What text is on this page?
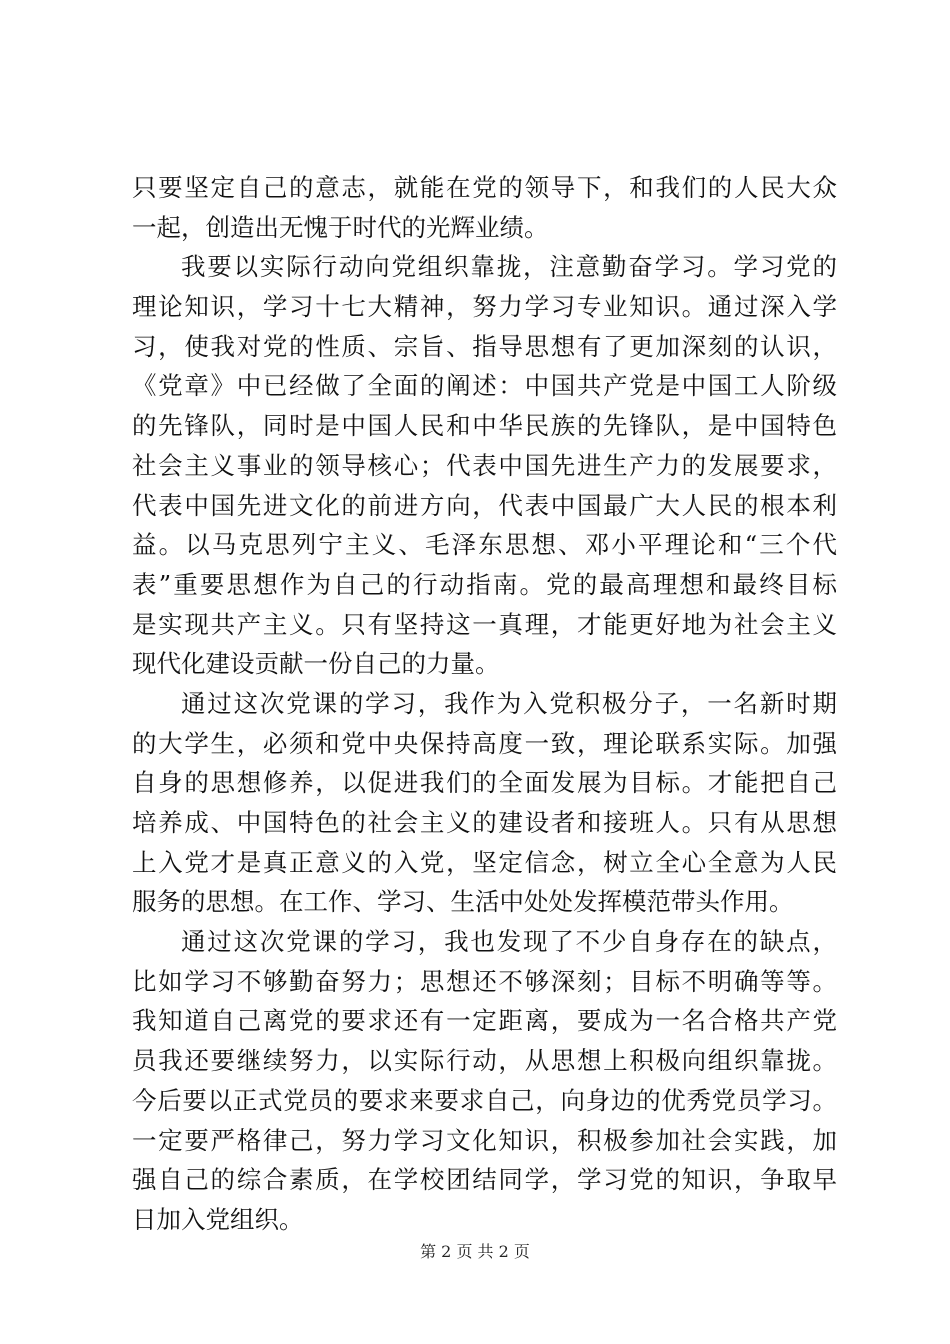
只要坚定自己的意志，就能在党的领导下，和我们的人民大众
一起，创造出无愧于时代的光辉业绩。
我要以实际行动向党组织靠拢，注意勤奋学习。学习党的
理论知识，学习十七大精神，努力学习专业知识。通过深入学
习，使我对党的性质、宗旨、指导思想有了更加深刻的认识，
《党章》中已经做了全面的阐述：中国共产党是中国工人阶级
的先锋队，同时是中国人民和中华民族的先锋队，是中国特色
社会主义事业的领导核心；代表中国先进生产力的发展要求，
代表中国先进文化的前进方向，代表中国最广大人民的根本利
益。以马克思列宁主义、毛泽东思想、邓小平理论和“三个代
表”重要思想作为自己的行动指南。党的最高理想和最终目标
是实现共产主义。只有坚持这一真理，才能更好地为社会主义
现代化建设贡献一份自己的力量。
通过这次党课的学习，我作为入党积极分子，一名新时期
的大学生，必须和党中央保持高度一致，理论联系实际。加强
自身的思想修养，以促进我们的全面发展为目标。才能把自己
培养成、中国特色的社会主义的建设者和接班人。只有从思想
上入党才是真正意义的入党，坚定信念，树立全心全意为人民
服务的思想。在工作、学习、生活中处处发挥模范带头作用。
通过这次党课的学习，我也发现了不少自身存在的缺点，
比如学习不够勤奋努力；思想还不够深刻；目标不明确等等。
我知道自己离党的要求还有一定距离，要成为一名合格共产党
员我还要继续努力，以实际行动，从思想上积极向组织靠拢。
今后要以正式党员的要求来要求自己，向身边的优秀党员学习。
一定要严格律己，努力学习文化知识，积极参加社会实践，加
强自己的综合素质，在学校团结同学，学习党的知识，争取早
日加入党组织。
第 2 页 共 2 页
